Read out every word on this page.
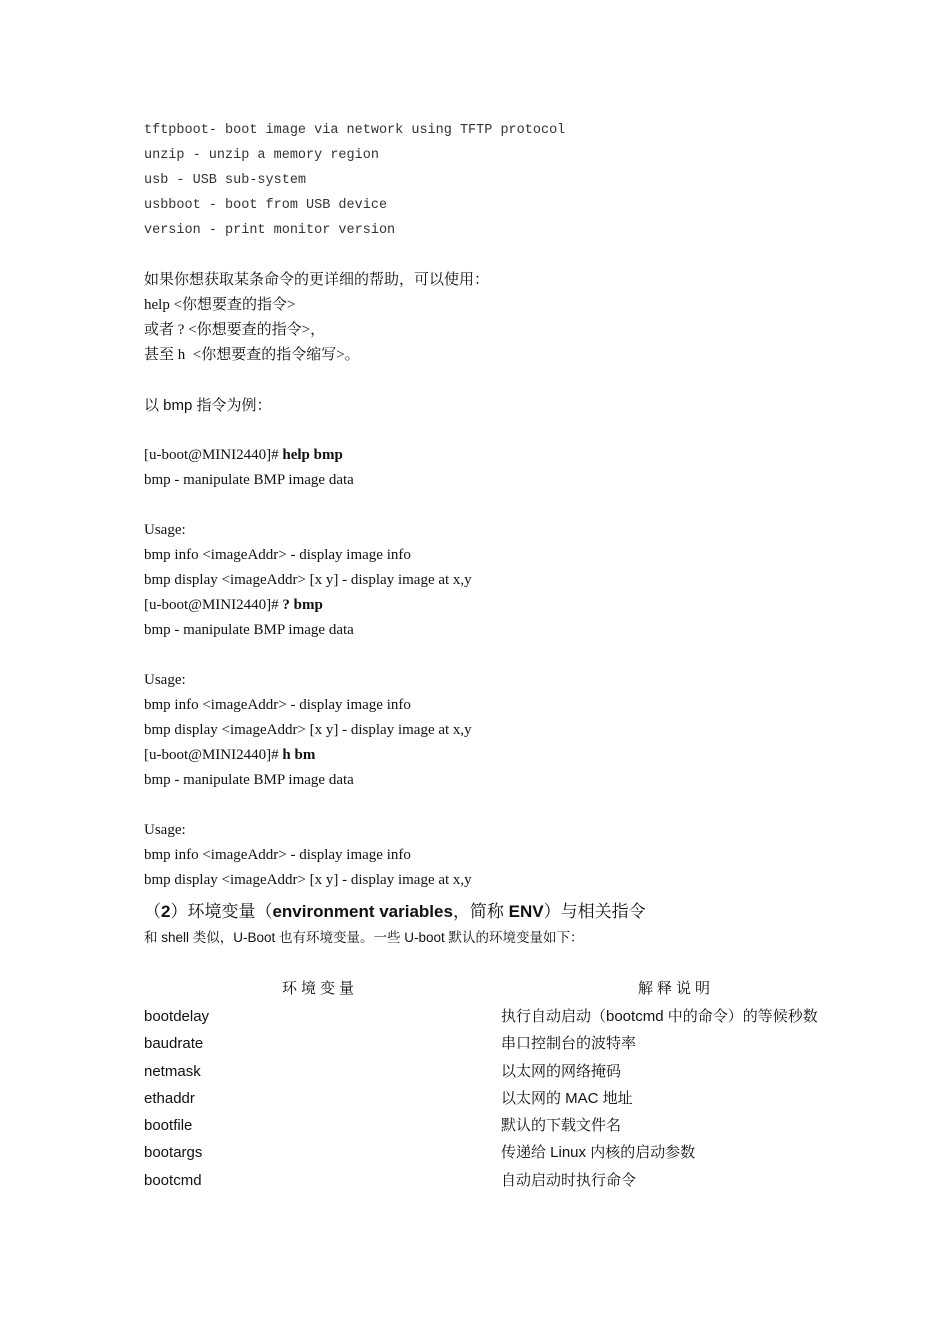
tftpboot- boot image via network using TFTP protocol
unzip - unzip a memory region
usb - USB sub-system
usbboot - boot from USB device
version - print monitor version
如果你想获取某条命令的更详细的帮助，可以使用：
help <你想要查的指令>
或者 ? <你想要查的指令>，
甚至 h  <你想要查的指令缩写>。
以 bmp 指令为例：
[u-boot@MINI2440]# help bmp
bmp - manipulate BMP image data
Usage:
bmp info <imageAddr> - display image info
bmp display <imageAddr> [x y] - display image at x,y
[u-boot@MINI2440]# ? bmp
bmp - manipulate BMP image data
Usage:
bmp info <imageAddr> - display image info
bmp display <imageAddr> [x y] - display image at x,y
[u-boot@MINI2440]# h bm
bmp - manipulate BMP image data
Usage:
bmp info <imageAddr> - display image info
bmp display <imageAddr> [x y] - display image at x,y
（2）环境变量（environment variables，简称 ENV）与相关指令
和 shell 类似，U-Boot 也有环境变量。一些 U-boot 默认的环境变量如下：
环境变量	解释说明
bootdelay	执行自动启动（bootcmd 中的命令）的等候秒数
baudrate	串口控制台的波特率
netmask	以太网的网络掩码
ethaddr	以太网的 MAC 地址
bootfile	默认的下载文件名
bootargs	传递给 Linux 内核的启动参数
bootcmd	自动启动时执行命令
